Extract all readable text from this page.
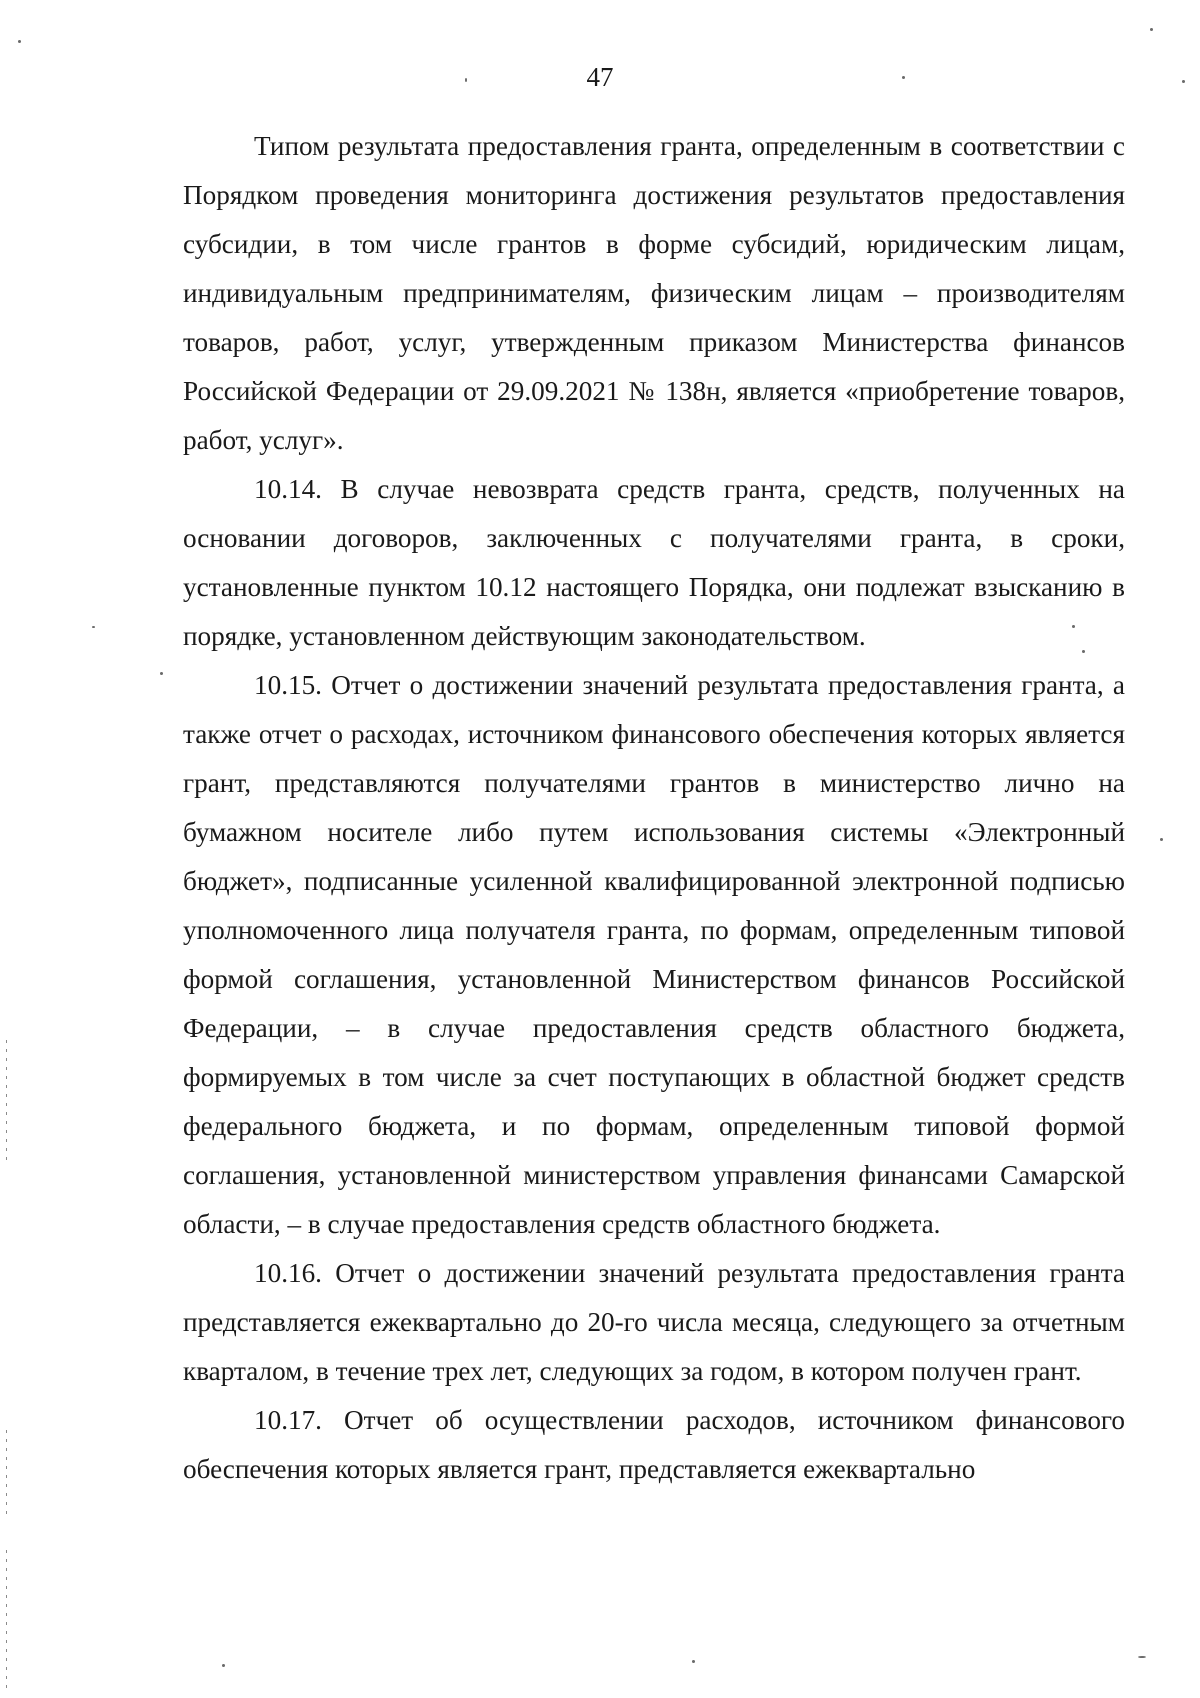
47

Типом результата предоставления гранта, определенным в соответствии с Порядком проведения мониторинга достижения результатов предоставления субсидии, в том числе грантов в форме субсидий, юридическим лицам, индивидуальным предпринимателям, физическим лицам – производителям товаров, работ, услуг, утвержденным приказом Министерства финансов Российской Федерации от 29.09.2021 № 138н, является «приобретение товаров, работ, услуг».

10.14. В случае невозврата средств гранта, средств, полученных на основании договоров, заключенных с получателями гранта, в сроки, установленные пунктом 10.12 настоящего Порядка, они подлежат взысканию в порядке, установленном действующим законодательством.

10.15. Отчет о достижении значений результата предоставления гранта, а также отчет о расходах, источником финансового обеспечения которых является грант, представляются получателями грантов в министерство лично на бумажном носителе либо путем использования системы «Электронный бюджет», подписанные усиленной квалифицированной электронной подписью уполномоченного лица получателя гранта, по формам, определенным типовой формой соглашения, установленной Министерством финансов Российской Федерации, – в случае предоставления средств областного бюджета, формируемых в том числе за счет поступающих в областной бюджет средств федерального бюджета, и по формам, определенным типовой формой соглашения, установленной министерством управления финансами Самарской области, – в случае предоставления средств областного бюджета.

10.16. Отчет о достижении значений результата предоставления гранта представляется ежеквартально до 20-го числа месяца, следующего за отчетным кварталом, в течение трех лет, следующих за годом, в котором получен грант.

10.17. Отчет об осуществлении расходов, источником финансового обеспечения которых является грант, представляется ежеквартально
